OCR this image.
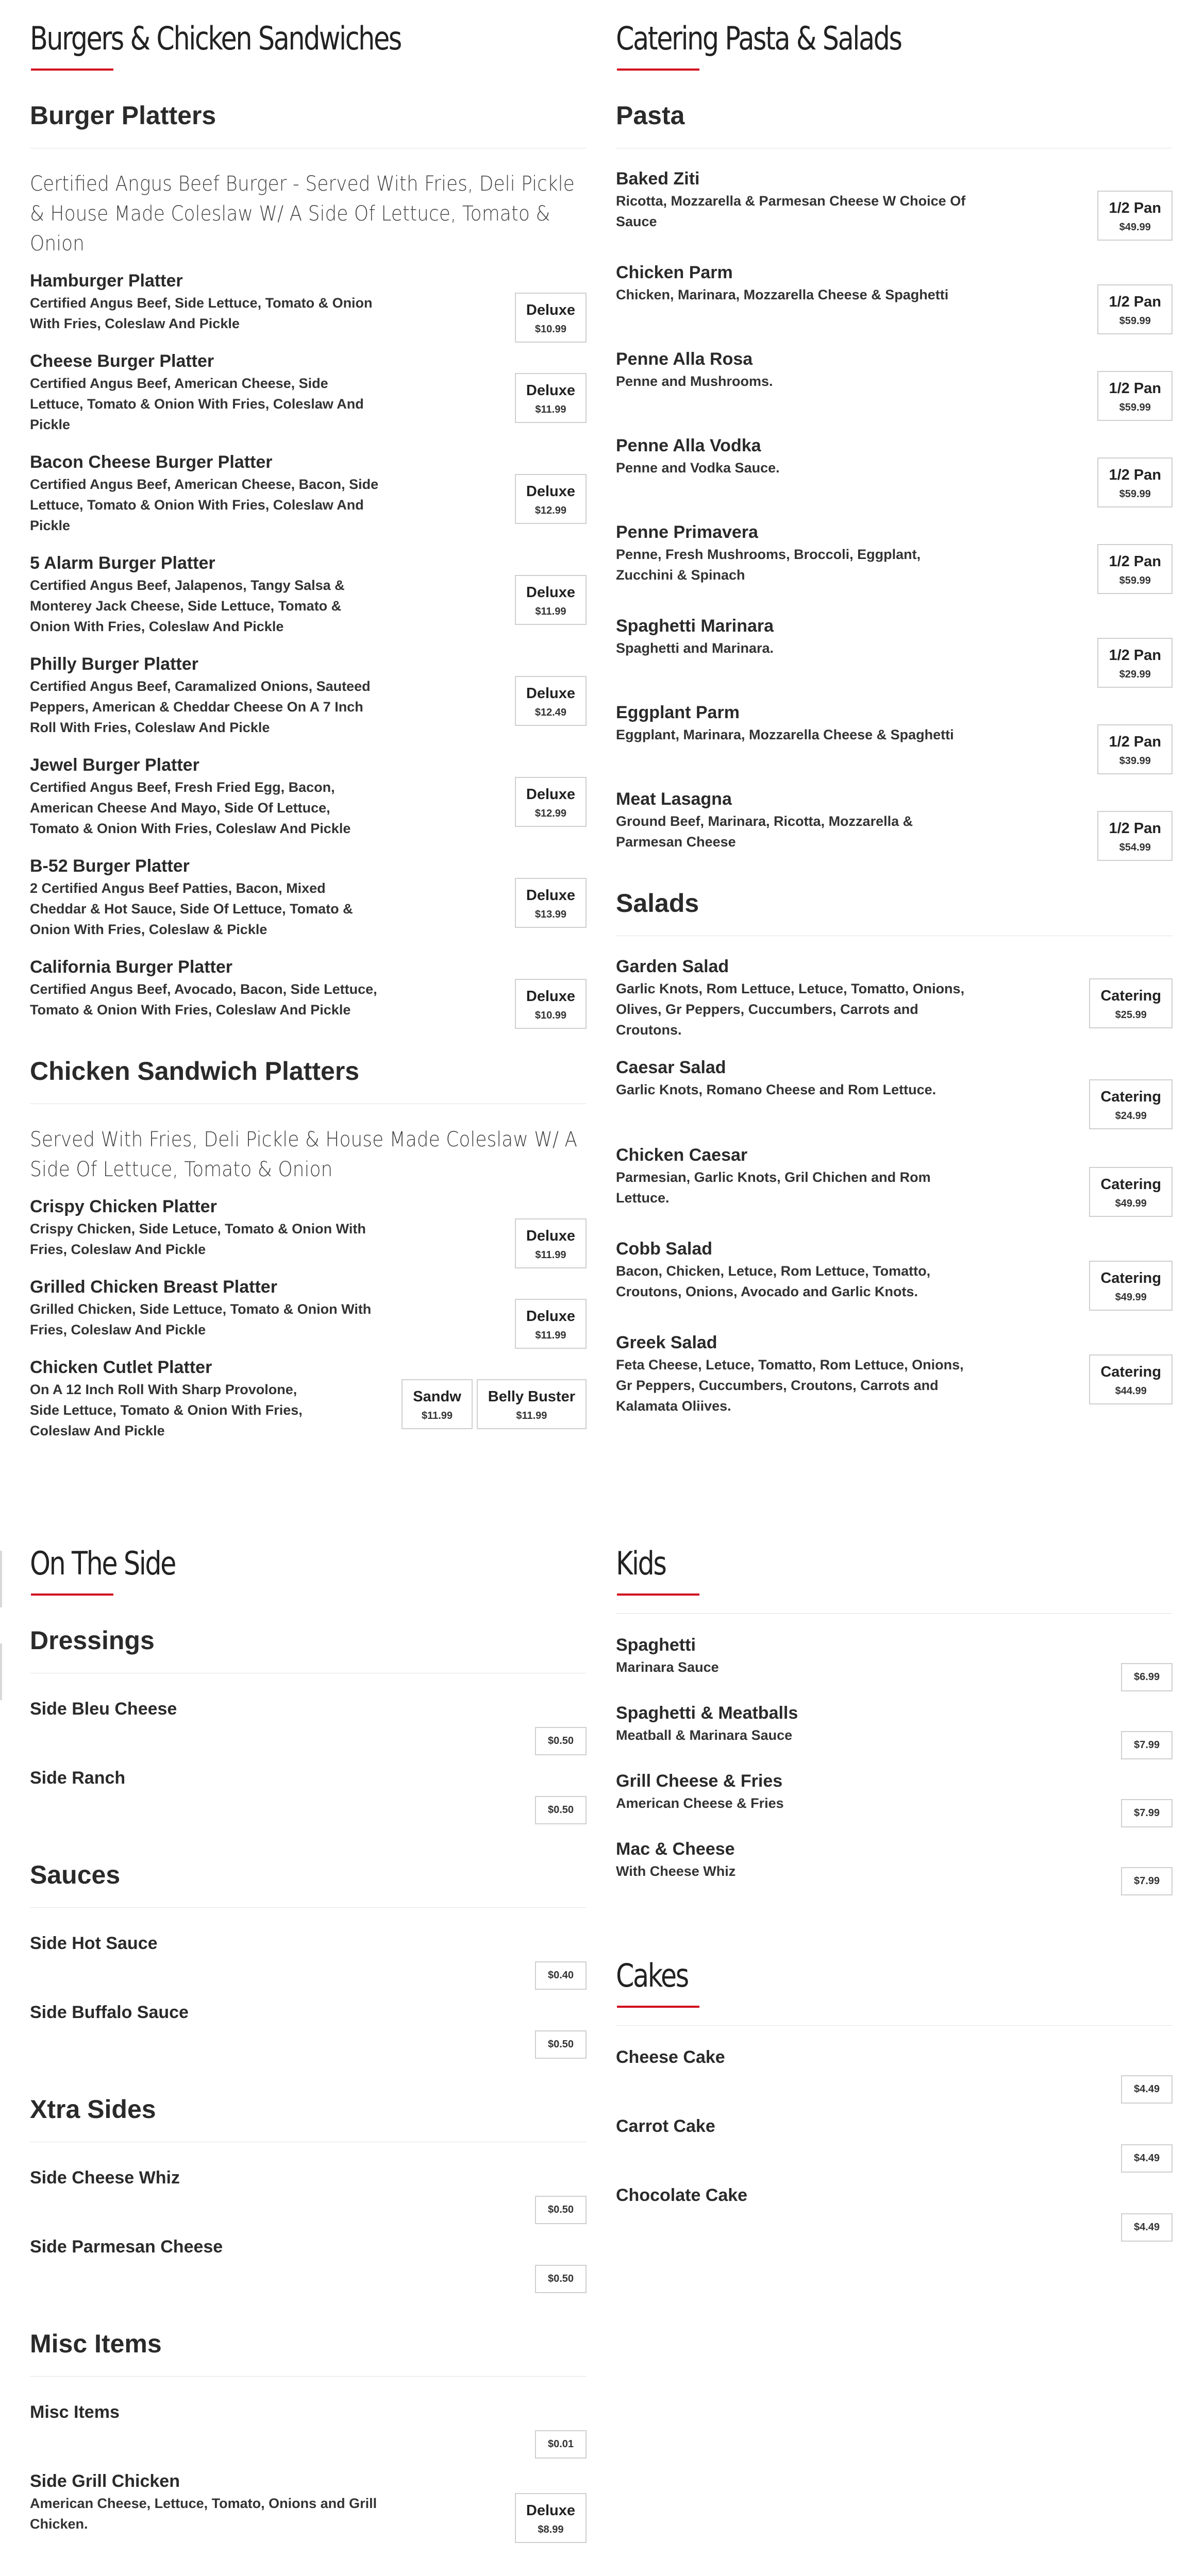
Burgers & Chicken Sandwiches
Burger Platters

Certified Angus Beef Burger - Served With Fries, Deli Pickle & House Made Coleslaw W/ A Side Of Lettuce, Tomato & Onion

Hamburger Platter

Certified Angus Beef, Side Lettuce, Tomato & Onion With Fries, Coleslaw And Pickle

Deluxe
$10.99

Cheese Burger Platter

Certified Angus Beef, American Cheese, Side Lettuce, Tomato & Onion With Fries, Coleslaw And Pickle

Deluxe
$11.99

Bacon Cheese Burger Platter

Certified Angus Beef, American Cheese, Bacon, Side Lettuce, Tomato & Onion With Fries, Coleslaw And Pickle

Deluxe
$12.99

5 Alarm Burger Platter

Certified Angus Beef, Jalapenos, Tangy Salsa & Monterey Jack Cheese, Side Lettuce, Tomato & Onion With Fries, Coleslaw And Pickle

Deluxe
$11.99

Philly Burger Platter

Certified Angus Beef, Caramalized Onions, Sauteed Peppers, American & Cheddar Cheese On A 7 Inch Roll With Fries, Coleslaw And Pickle

Deluxe
$12.49

Jewel Burger Platter

Certified Angus Beef, Fresh Fried Egg, Bacon, American Cheese And Mayo, Side Of Lettuce, Tomato & Onion With Fries, Coleslaw And Pickle

Deluxe
$12.99

B-52 Burger Platter

2 Certified Angus Beef Patties, Bacon, Mixed Cheddar & Hot Sauce, Side Of Lettuce, Tomato & Onion With Fries, Coleslaw & Pickle

Deluxe
$13.99

California Burger Platter

Certified Angus Beef, Avocado, Bacon, Side Lettuce, Tomato & Onion With Fries, Coleslaw And Pickle

Deluxe
$10.99
Chicken Sandwich Platters

Served With Fries, Deli Pickle & House Made Coleslaw W/ A Side Of Lettuce, Tomato & Onion

Crispy Chicken Platter

Crispy Chicken, Side Letuce, Tomato & Onion With Fries, Coleslaw And Pickle

Deluxe
$11.99

Grilled Chicken Breast Platter

Grilled Chicken, Side Lettuce, Tomato & Onion With Fries, Coleslaw And Pickle

Deluxe
$11.99

Chicken Cutlet Platter

On A 12 Inch Roll With Sharp Provolone, Side Lettuce, Tomato & Onion With Fries, Coleslaw And Pickle

Sandw
$11.99
Belly Buster
$11.99
Catering Pasta & Salads
Pasta

Baked Ziti

Ricotta, Mozzarella & Parmesan Cheese W Choice Of Sauce

1/2 Pan
$49.99

Chicken Parm

Chicken, Marinara, Mozzarella Cheese & Spaghetti	1/2 Pan
$59.99

Penne Alla Rosa

Penne and Mushrooms.	1/2 Pan
$59.99

Penne Alla Vodka

Penne and Vodka Sauce.	1/2 Pan
$59.99

Penne Primavera

Penne, Fresh Mushrooms, Broccoli, Eggplant, Zucchini & Spinach

1/2 Pan
$59.99

Spaghetti Marinara

Spaghetti and Marinara.	1/2 Pan
$29.99

Eggplant Parm

Eggplant, Marinara, Mozzarella Cheese & Spaghetti	1/2 Pan
$39.99

Meat Lasagna

Ground Beef, Marinara, Ricotta, Mozzarella & Parmesan Cheese

1/2 Pan
$54.99
Salads

Garden Salad

Garlic Knots, Rom Lettuce, Letuce, Tomatto, Onions, Olives, Gr Peppers, Cuccumbers, Carrots and Croutons.

Catering
$25.99

Caesar Salad

Garlic Knots, Romano Cheese and Rom Lettuce.	Catering
$24.99

Chicken Caesar

Parmesian, Garlic Knots, Gril Chichen and Rom Lettuce.

Catering
$49.99

Cobb Salad

Bacon, Chicken, Letuce, Rom Lettuce, Tomatto, Croutons, Onions, Avocado and Garlic Knots.

Catering
$49.99

Greek Salad

Feta Cheese, Letuce, Tomatto, Rom Lettuce, Onions, Gr Peppers, Cuccumbers, Croutons, Carrots and Kalamata Oliives.

Catering
$44.99
On The Side
Dressings

Side Bleu Cheese

$0.50

Side Ranch

$0.50
Sauces

Side Hot Sauce

$0.40

Side Buffalo Sauce

$0.50
Xtra Sides

Side Cheese Whiz

$0.50

Side Parmesan Cheese

$0.50
Misc Items

Misc Items

$0.01

Side Grill Chicken

American Cheese, Lettuce, Tomato, Onions and Grill Chicken.

Deluxe
$8.99
Kids

Spaghetti

Marinara Sauce

$6.99

Spaghetti & Meatballs

Meatball & Marinara Sauce

$7.99

Grill Cheese & Fries

American Cheese & Fries

$7.99

Mac & Cheese

With Cheese Whiz

$7.99
Cakes

Cheese Cake

$4.49

Carrot Cake

$4.49

Chocolate Cake

$4.49
